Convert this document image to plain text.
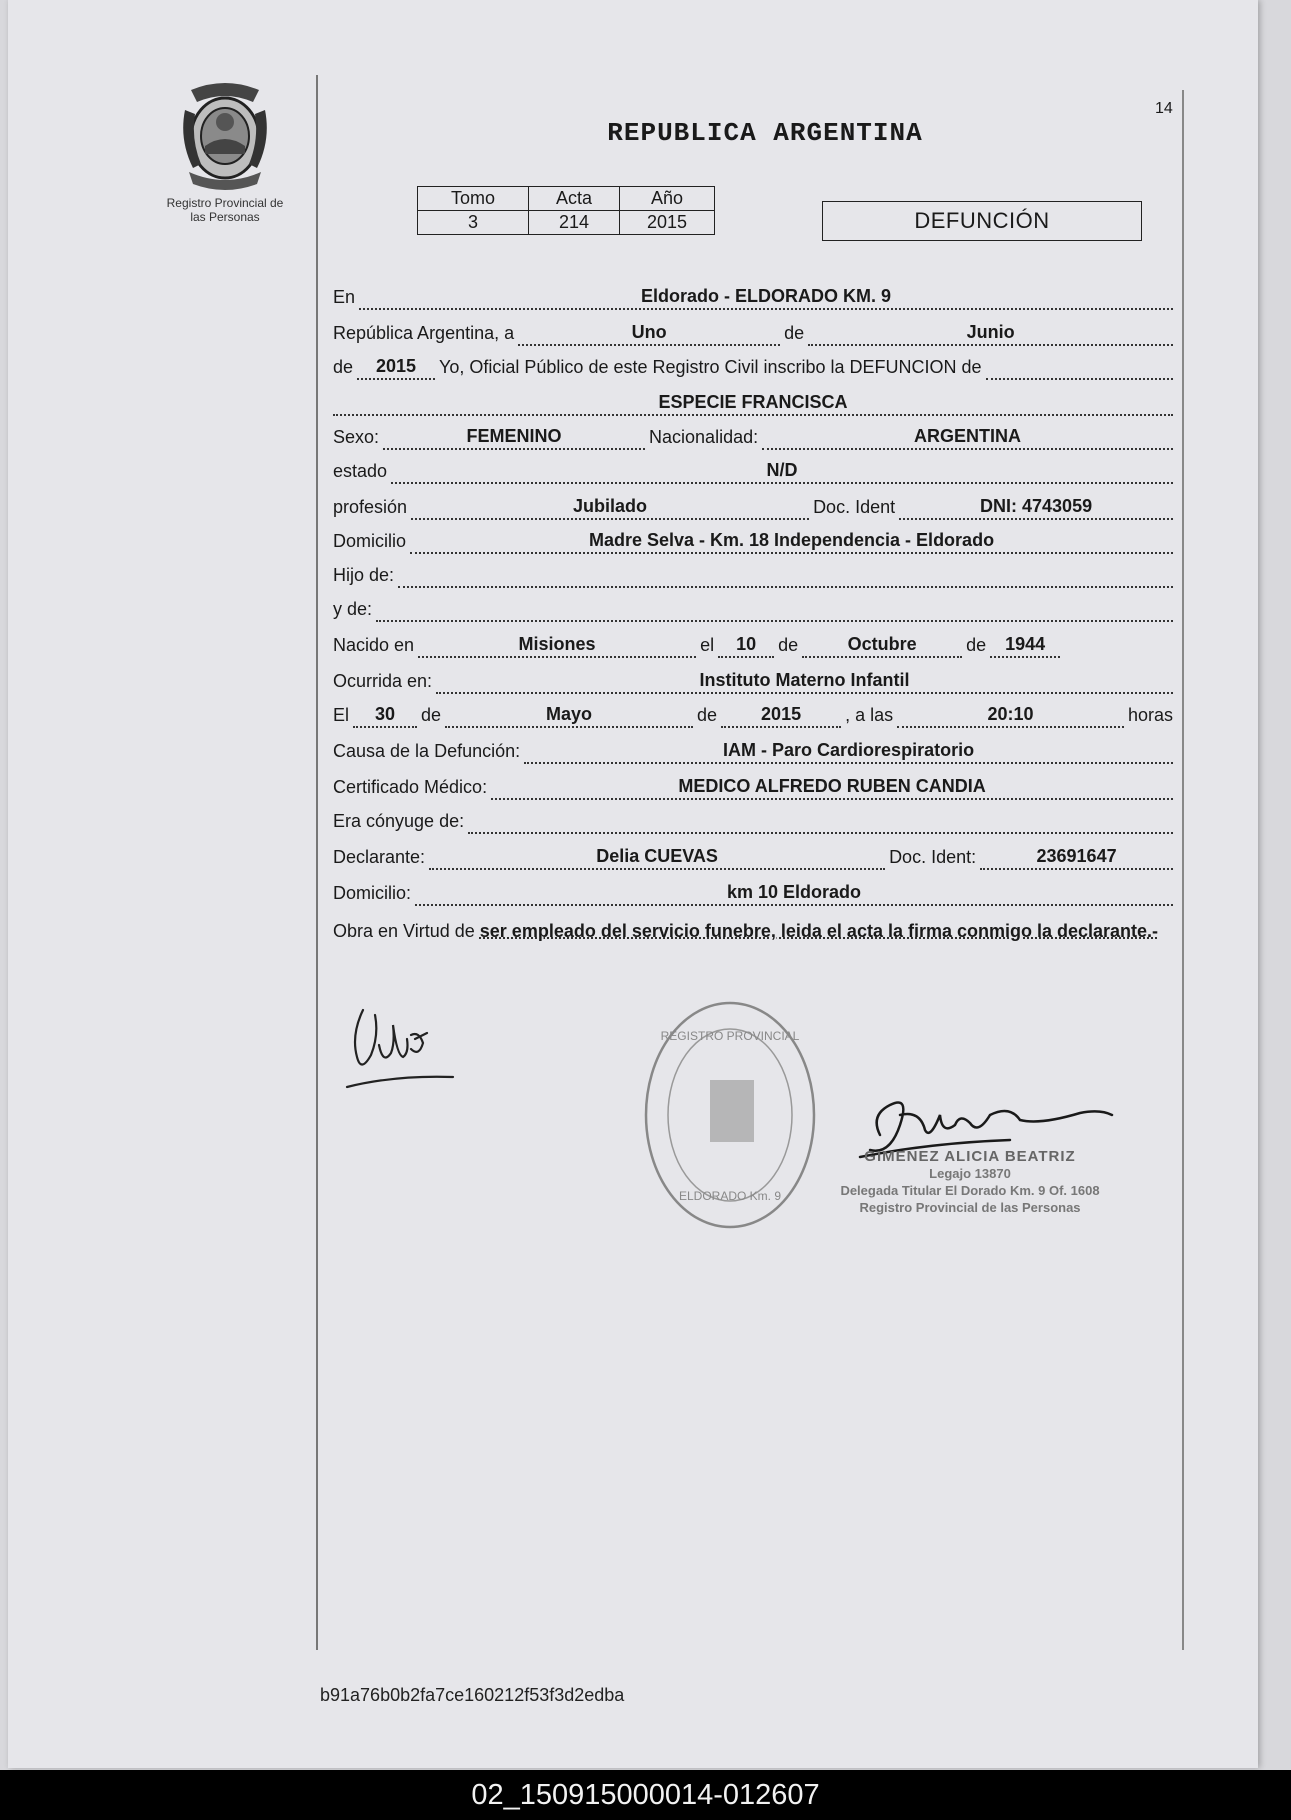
Registro Provincial de
las Personas
REPUBLICA ARGENTINA
14
Tomo	Acta	Año
3	214	2015	DEFUNCIÓN
En	Eldorado - ELDORADO KM. 9
República Argentina, a	Uno	de	Junio
de	2015	Yo, Oficial Público de este Registro Civil inscribo la DEFUNCION de
ESPECIE FRANCISCA
Sexo:	FEMENINO	Nacionalidad:	ARGENTINA
estado	N/D
profesión	Jubilado	Doc. Ident	DNI: 4743059
Domicilio	Madre Selva - Km. 18 Independencia - Eldorado
Hijo de:
y de:
Nacido en	Misiones	el	10	de	Octubre	de	1944
Ocurrida en:	Instituto Materno Infantil
El	30	de	Mayo	de	2015	, a las	20:10	horas
Causa de la Defunción:	IAM - Paro Cardiorespiratorio
Certificado Médico:	MEDICO ALFREDO RUBEN CANDIA
Era cónyuge de:
Declarante:	Delia CUEVAS	Doc. Ident:	23691647
Domicilio:	km 10 Eldorado
Obra en Virtud de ser empleado del servicio funebre, leida el acta la firma conmigo la declarante.-
REGISTRO PROVINCIAL
ELDORADO Km. 9
GIMENEZ ALICIA BEATRIZ
Legajo 13870
Delegada Titular El Dorado Km. 9 Of. 1608
Registro Provincial de las Personas
b91a76b0b2fa7ce160212f53f3d2edba
02_150915000014-012607
